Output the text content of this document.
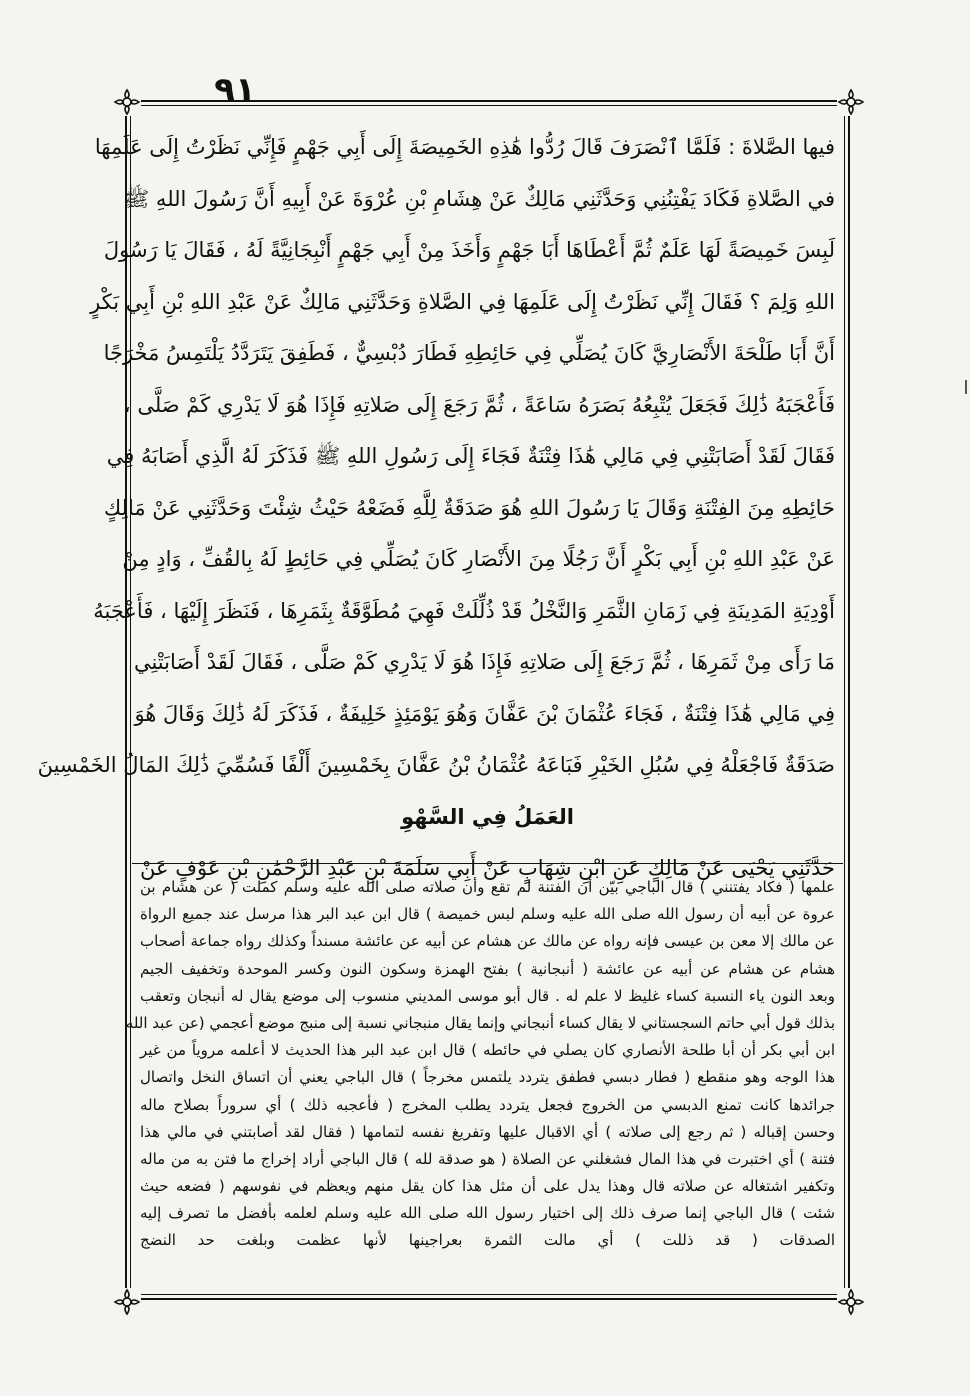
٩١
فيها الصَّلاةَ : فَلَمَّا ٱنْصَرَفَ قَالَ رُدُّوا هَٰذِهِ الخَمِيصَةَ إِلَى أَبِي جَهْمٍ فَإِنِّي نَظَرْتُ إِلَى عَلَمِهَا
في الصَّلاةِ فَكَادَ يَفْتِنُنِي وَحَدَّثَنِي مَالِكٌ عَنْ هِشَامِ بْنِ عُرْوَةَ عَنْ أَبِيهِ أَنَّ رَسُولَ اللهِ ﷺ
لَبِسَ خَمِيصَةً لَهَا عَلَمٌ ثُمَّ أَعْطَاهَا أَبَا جَهْمٍ وَأَخَذَ مِنْ أَبِي جَهْمٍ أَنْبِجَانِيَّةً لَهُ ، فَقَالَ يَا رَسُولَ
اللهِ وَلِمَ ؟ فَقَالَ إِنِّي نَظَرْتُ إِلَى عَلَمِهَا فِي الصَّلاةِ وَحَدَّثَنِي مَالِكٌ عَنْ عَبْدِ اللهِ بْنِ أَبِي بَكْرٍ
أَنَّ أَبَا طَلْحَةَ الأَنْصَارِيَّ كَانَ يُصَلِّي فِي حَائِطِهِ فَطَارَ دُبْسِيٌّ ، فَطَفِقَ يَتَرَدَّدُ يَلْتَمِسُ مَخْرَجًا
فَأَعْجَبَهُ ذَٰلِكَ فَجَعَلَ يُتْبِعُهُ بَصَرَهُ سَاعَةً ، ثُمَّ رَجَعَ إِلَى صَلاتِهِ فَإِذَا هُوَ لَا يَدْرِي كَمْ صَلَّى ،
فَقَالَ لَقَدْ أَصَابَتْنِي فِي مَالِي هَٰذَا فِتْنَةٌ فَجَاءَ إِلَى رَسُولِ اللهِ ﷺ فَذَكَرَ لَهُ الَّذِي أَصَابَهُ فِي
حَائِطِهِ مِنَ الفِتْنَةِ وَقَالَ يَا رَسُولَ اللهِ هُوَ صَدَقَةٌ لِلَّهِ فَضَعْهُ حَيْثُ شِئْتَ وَحَدَّثَنِي عَنْ مَالِكٍ
عَنْ عَبْدِ اللهِ بْنِ أَبِي بَكْرٍ أَنَّ رَجُلًا مِنَ الأَنْصَارِ كَانَ يُصَلِّي فِي حَائِطٍ لَهُ بِالقُفِّ ، وَادٍ مِنْ
أَوْدِيَةِ المَدِينَةِ فِي زَمَانِ الثَّمَرِ وَالنَّخْلُ قَدْ ذُلِّلَتْ فَهِيَ مُطَوَّقَةٌ بِثَمَرِهَا ، فَنَظَرَ إِلَيْهَا ، فَأَعْجَبَهُ
مَا رَأَى مِنْ ثَمَرِهَا ، ثُمَّ رَجَعَ إِلَى صَلاتِهِ فَإِذَا هُوَ لَا يَدْرِي كَمْ صَلَّى ، فَقَالَ لَقَدْ أَصَابَتْنِي
فِي مَالِي هَٰذَا فِتْنَةٌ ، فَجَاءَ عُثْمَانَ بْنَ عَفَّانَ وَهُوَ يَوْمَئِذٍ خَلِيفَةٌ ، فَذَكَرَ لَهُ ذَٰلِكَ وَقَالَ هُوَ
صَدَقَةٌ فَاجْعَلْهُ فِي سُبُلِ الخَيْرِ فَبَاعَهُ عُثْمَانُ بْنُ عَفَّانَ بِخَمْسِينَ أَلْفًا فَسُمِّيَ ذَٰلِكَ المَالُ الخَمْسِينَ
العَمَلُ فِي السَّهْوِ
حَدَّثَنِي يَحْيَى عَنْ مَالِكٍ عَنِ ابْنِ شِهَابٍ عَنْ أَبِي سَلَمَةَ بْنِ عَبْدِ الرَّحْمَٰنِ بْنِ عَوْفٍ عَنْ
علمها ( فكاد يفتنني ) قال الباجي بيّن أن الفتنة لم تقع وأن صلاته صلى الله عليه وسلم كملت ( عن هشام بن
عروة عن أبيه أن رسول الله صلى الله عليه وسلم لبس خميصة ) قال ابن عبد البر هذا مرسل عند جميع الرواة
عن مالك إلا معن بن عيسى فإنه رواه عن مالك عن هشام عن أبيه عن عائشة مسنداً وكذلك رواه جماعة أصحاب
هشام عن هشام عن أبيه عن عائشة ( أنبجانية ) بفتح الهمزة وسكون النون وكسر الموحدة وتخفيف الجيم
وبعد النون ياء النسبة كساء غليظ لا علم له . قال أبو موسى المديني منسوب إلى موضع يقال له أنبجان وتعقب
بذلك قول أبي حاتم السجستاني لا يقال كساء أنبجاني وإنما يقال منبجاني نسبة إلى منبج موضع أعجمي (عن عبد الله
ابن أبي بكر أن أبا طلحة الأنصاري كان يصلي في حائطه ) قال ابن عبد البر هذا الحديث لا أعلمه مروياً من غير
هذا الوجه وهو منقطع ( فطار دبسي فطفق يتردد يلتمس مخرجاً ) قال الباجي يعني أن اتساق النخل واتصال
جرائدها كانت تمنع الدبسي من الخروج فجعل يتردد يطلب المخرج ( فأعجبه ذلك ) أي سروراً بصلاح ماله
وحسن إقباله ( ثم رجع إلى صلاته ) أي الاقبال عليها وتفريغ نفسه لتمامها ( فقال لقد أصابتني في مالي هذا
فتنة ) أي اختبرت في هذا المال فشغلني عن الصلاة ( هو صدقة لله ) قال الباجي أراد إخراج ما فتن به من ماله
وتكفير اشتغاله عن صلاته قال وهذا يدل على أن مثل هذا كان يقل منهم ويعظم في نفوسهم ( فضعه حيث
شئت ) قال الباجي إنما صرف ذلك إلى اختيار رسول الله صلى الله عليه وسلم لعلمه بأفضل ما تصرف إليه
الصدقات ( قد ذللت ) أي مالت الثمرة بعراجينها لأنها عظمت وبلغت حد النضج
